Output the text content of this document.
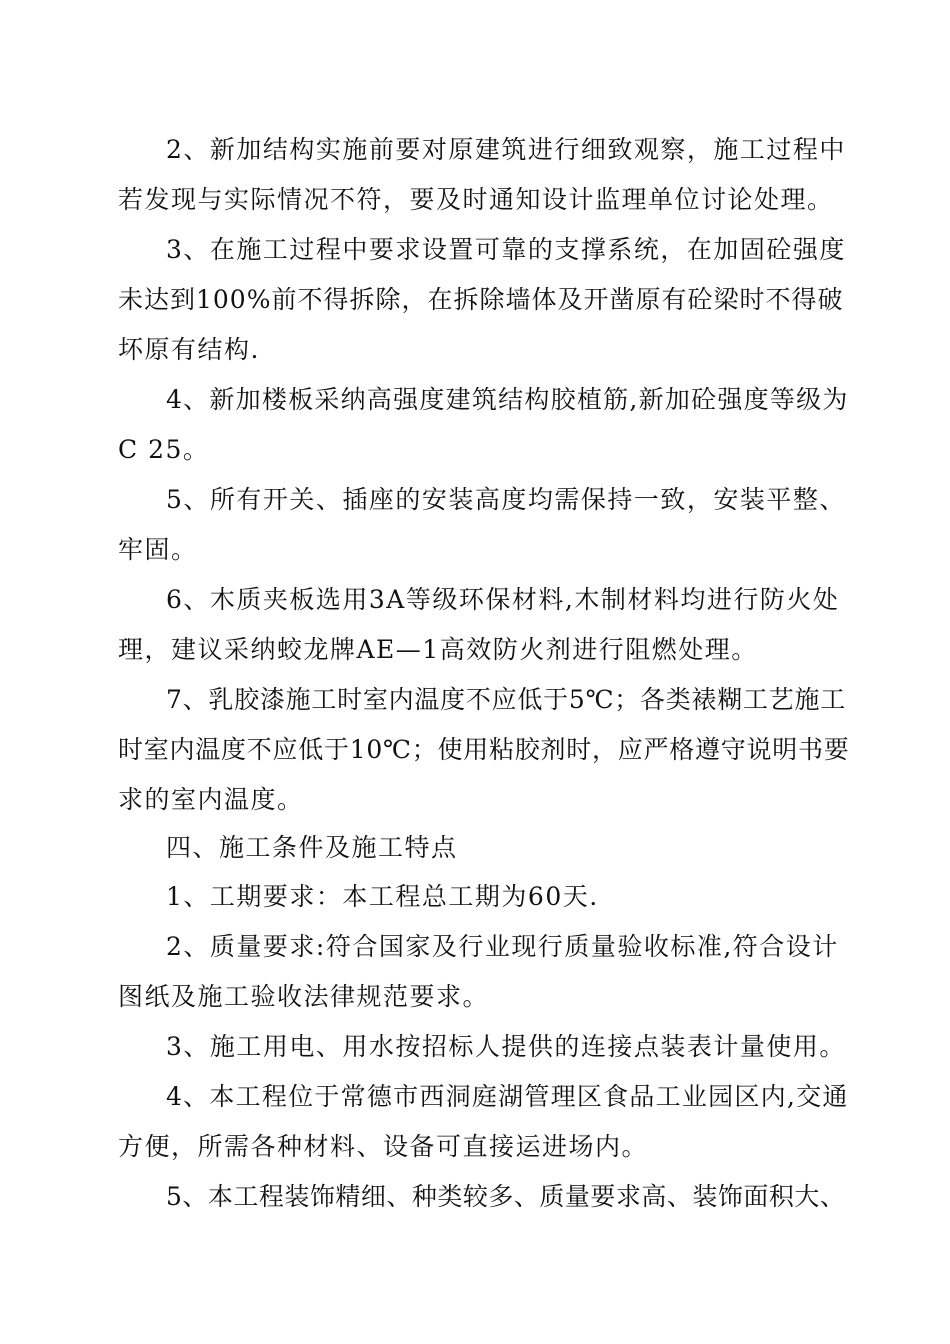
2、新加结构实施前要对原建筑进行细致观察，施工过程中
若发现与实际情况不符，要及时通知设计监理单位讨论处理。
3、在施工过程中要求设置可靠的支撑系统，在加固砼强度
未达到100%前不得拆除，在拆除墙体及开凿原有砼梁时不得破
坏原有结构.
4、新加楼板采纳高强度建筑结构胶植筋,新加砼强度等级为
C 25。
5、所有开关、插座的安装高度均需保持一致，安装平整、
牢固。
6、木质夹板选用3A等级环保材料,木制材料均进行防火处
理，建议采纳蛟龙牌AE—1高效防火剂进行阻燃处理。
7、乳胶漆施工时室内温度不应低于5℃；各类裱糊工艺施工
时室内温度不应低于10℃；使用粘胶剂时，应严格遵守说明书要
求的室内温度。
四、施工条件及施工特点
1、工期要求：本工程总工期为60天.
2、质量要求:符合国家及行业现行质量验收标准,符合设计
图纸及施工验收法律规范要求。
3、施工用电、用水按招标人提供的连接点装表计量使用。
4、本工程位于常德市西洞庭湖管理区食品工业园区内,交通
方便，所需各种材料、设备可直接运进场内。
5、本工程装饰精细、种类较多、质量要求高、装饰面积大、
